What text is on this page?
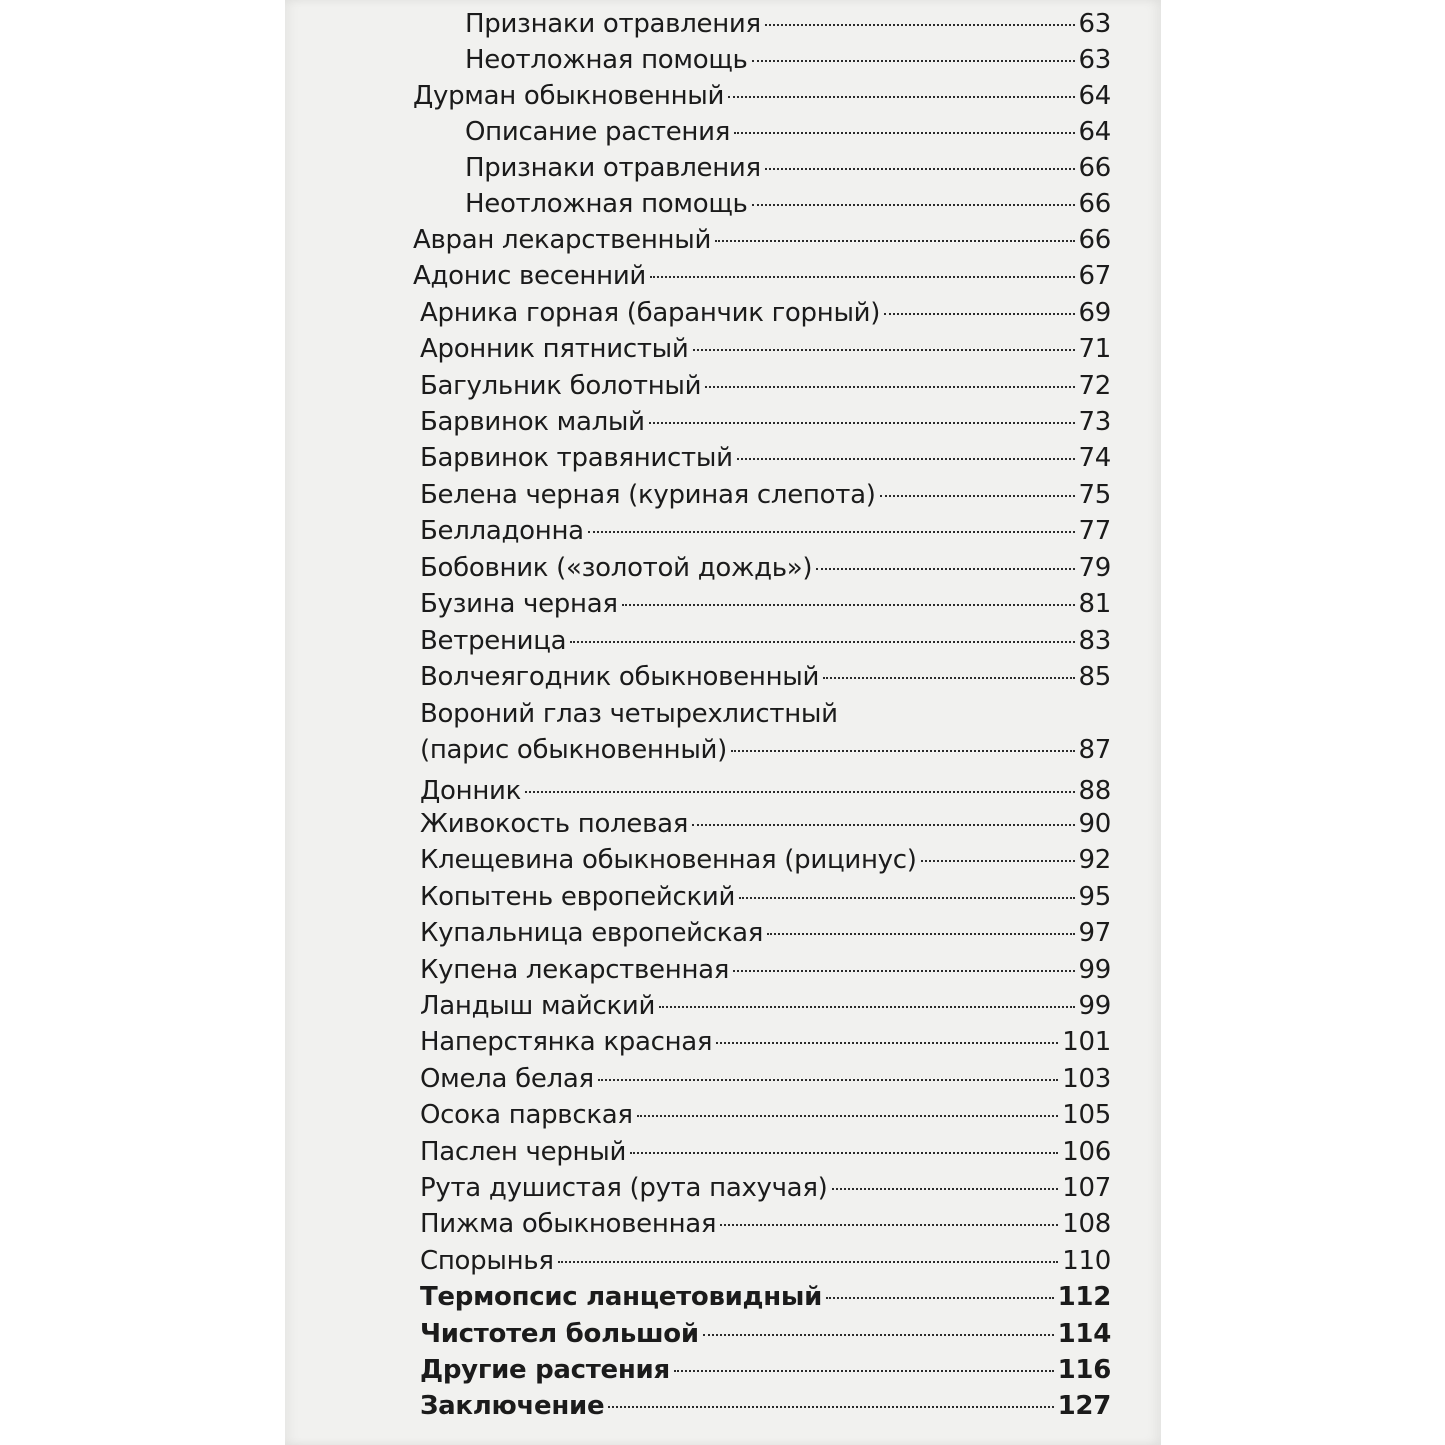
Признаки отравления	63
Неотложная помощь	63
Дурман обыкновенный	64
Описание растения	64
Признаки отравления	66
Неотложная помощь	66
Авран лекарственный	66
Адонис весенний	67
Арника горная (баранчик горный)	69
Аронник пятнистый	71
Багульник болотный	72
Барвинок малый	73
Барвинок травянистый	74
Белена черная (куриная слепота)	75
Белладонна	77
Бобовник («золотой дождь»)	79
Бузина черная	81
Ветреница	83
Волчеягодник обыкновенный	85
Вороний глаз четырехлистный
(парис обыкновенный)	87
Донник	88
Живокость полевая	90
Клещевина обыкновенная (рицинус)	92
Копытень европейский	95
Купальница европейская	97
Купена лекарственная	99
Ландыш майский	99
Наперстянка красная	101
Омела белая	103
Осока парвская	105
Паслен черный	106
Рута душистая (рута пахучая)	107
Пижма обыкновенная	108
Спорынья	110
Термопсис ланцетовидный	112
Чистотел большой	114
Другие растения	116
Заключение	127
